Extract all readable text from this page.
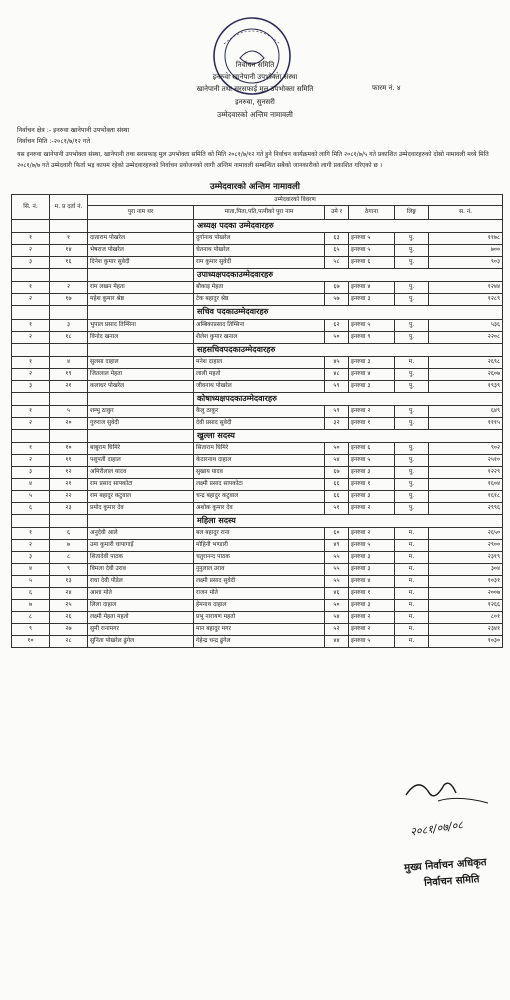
निर्वाचन समिति
इनरुवा खानेपानी उपभोक्ता संस्था
खानेपानी तथा सरसफाई मुल उपभोक्ता समिति	फारम नं. ४
इनरुवा, सुनसरी
उम्मेदवारको अन्तिम नामावली
निर्वाचन क्षेत्र :- इनरुवा खानेपानी उपभोक्ता संस्था
निर्वाचन मिति :-२०८१/७/१२ गते
यस इनरुवा खानेपानी उपभोक्ता संस्था, खानेपानी तथा सरसफाइ मुल उपभोक्ता समिति को मिति २०८१/७/१२ गते हुने निर्वाचन कार्यक्रमको लागि मिति २०८१/७/५ गते प्रकाशित उम्मेदवारहरुको दोस्रो नामावली मध्ये मिति २०८१/७/७ गते उम्मेदवारी फिर्ता भइ कायम रहेको उम्मेदवारहरुको निर्वाचन प्रयोजनको लागी अन्तिम नामावली सम्बन्धित सबैको जानकारीको लागी प्रकाशित गरिएको छ ।
उम्मेदवारको अन्तिम नामावली
सि. नं.	म. प्र दर्ता नं.	उम्मेदवारको विवरण					
		पुरा नाम थर	माता,पिता,पति,पत्नीको पुरा नाम	उमे र	ठेगाना	लिङ्ग	स. नं.
			अध्यक्ष पदका उम्मेदवारहरु				
१	१	दाताराम पोखरेल	दुर्गानाथ पोखरेल	६३	इनरुवा ५	पु.	११७८
२	१४	भेषराज पोखरेल	चेतनाथ पोखरेल	६५	इनरुवा ५	पु.	७००
३	१६	दिनेश कुमार सुवेदी	राम कुमार सुवेदी	५८	इनरुवा ६	पु.	९०३
			उपाध्यक्षपदकाउम्मेदवारहरु				
१	२	राम लखन मेहता	बौकाइ मेहता	६७	इनरुवा ४	पु.	१२४४
२	१७	महेश कुमार श्रेष्ठ	टेक बहादुर श्रेष्ठ	५७	इनरुवा ३	पु.	१२८९
			सचिव पदकाउम्मेदवारहरु				
१	३	भुपाल प्रसाद तिम्सिना	अम्बिकाप्रसाद तिम्सिना	६२	इनरुवा ५	पु.	५३६
२	१८	विनोद खनाल	शैलेश कुमार खनाल	५०	इनरुवा ९	पु.	२२०८
			सहसचिवपदकाउम्मेदवारहरु				
१	४	सुलसा दाहाल	मनेश दाहाल	४५	इनरुवा ३	म.	२६९८
२	१९	जितलाल मेहता	लाली महतो	४८	इनरुवा ४	पु.	२६०७
३	२१	कलाधर पोखरेल	जीवनाथ पोखरेल	५९	इनरुवा ३	पु.	१९३९
			कोषाध्यक्षपदकाउम्मेदवारहरु				
१	५	शम्भु ठाकुर	कैलु ठाकुर	५९	इनरुवा २	पु.	६४९
२	२०	गुरुराज सुवेदी	देवी प्रसाद सुवेदी	३२	इनरुवा १	पु.	१११५
			खुल्ला सदस्य				
१	१०	बाबुराम घिमिरे	सिताराम घिमिरे	५०	इनरुवा ६	पु.	९०२
२	११	पशुपती दाहाल	केदारनाथ दाहाल	५४	इनरुवा ५	पु.	२५१०
३	१२	अमिरीलाल यादव	सुखाय यादव	६७	इनरुवा ३	पु.	१२२९
४	२१	राम प्रसाद सापकोटा	लक्ष्मी प्रसाद सापकोटा	६६	इनरुवा १	पु.	१६०४
५	२२	राम बहादुर कटुवाल	चन्द्र बहादुर कटुवाल	६६	इनरुवा ३	पु.	१६१८
६	२३	प्रमोद कुमार देव	अशोक कुमार देव	५१	इनरुवा २	पु.	२९९६
			महिला सदस्य				
१	६	अनुदेवी आले	बल बहादुर राना	६०	इनरुवा २	म.	२६५०
२	७	उमा कुमारी चापागाइँ	मोहिनी भण्डारी	४९	इनरुवा ५	म.	२९००
३	८	शितादेवी पाठक	चतुरानन्द पाठक	५५	इनरुवा ३	म.	२३१९
४	९	विमला देवी उराव	नुनुलाल उराव	५५	इनरुवा ३	म.	३०४
५	१३	राधा देवी पौडेल	लक्ष्मी प्रसाद सुवेदी	५५	इनरुवा ४	म.	१०३१
६	२४	आशा मोते	राजन मोते	४६	इनरुवा १	म.	२००७
७	२५	लिला दाहाल	हेमनाथ दाहाल	५०	इनरुवा ३	म.	१२६६
८	२६	लक्ष्मी मेहता महतो	प्रभु नारायण महतो	५४	इनरुवा २	म.	८०१
९	२७	सुमी रानामगर	मान बहादुर मगर	५२	इनरुवा २	म.	२३४१
१०	२८	सुनिता पोखरेल ढुंगेल	गेहेन्द्र चन्द्र ढुंगेल	४४	इनरुवा ५	म.	१०३०
२०८१/०७/०८
मुख्य निर्वाचन अधिकृत
निर्वाचन समिति
